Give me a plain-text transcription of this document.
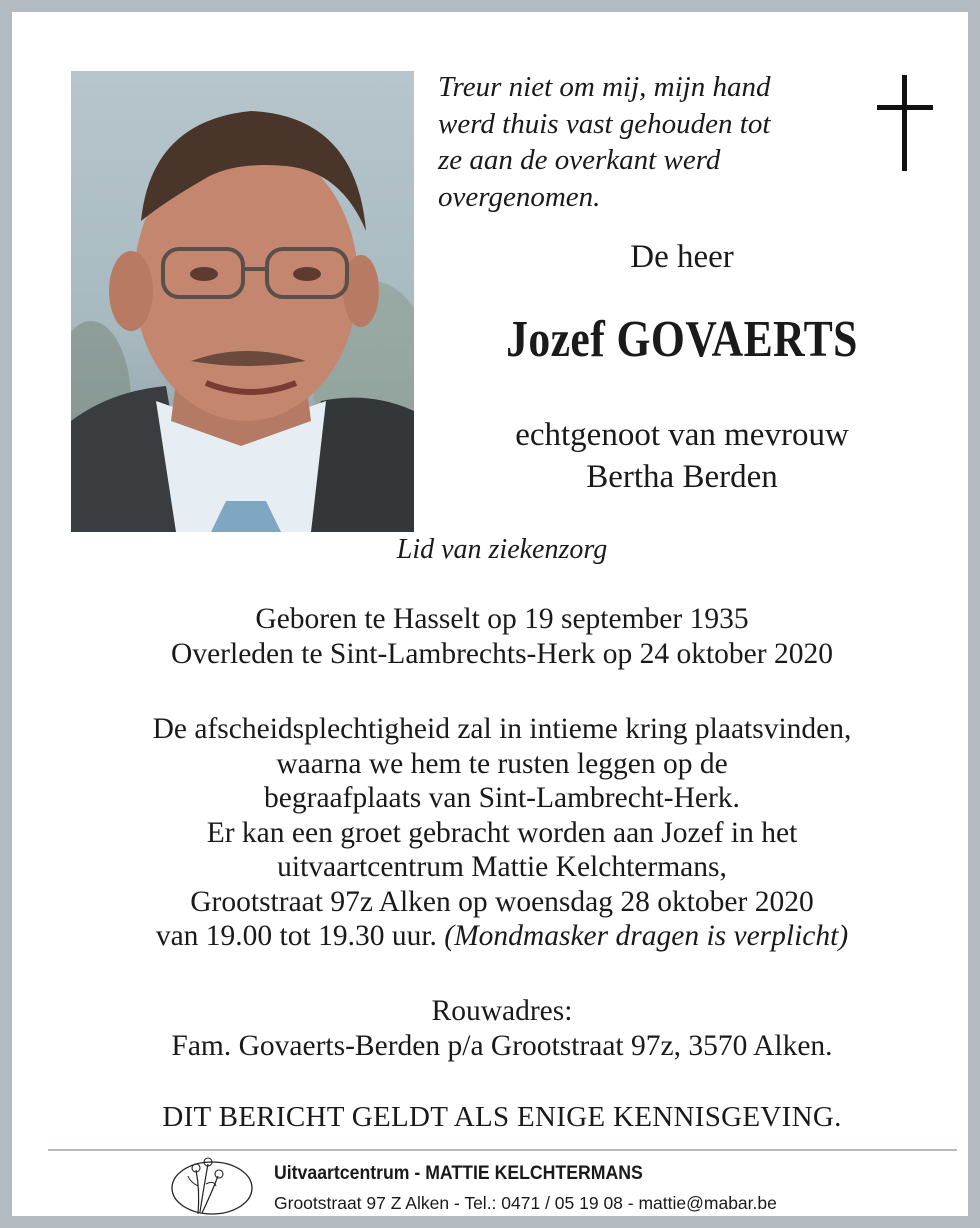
Treur niet om mij, mijn hand
werd thuis vast gehouden tot
ze aan de overkant werd
overgenomen.
De heer
Jozef GOVAERTS
echtgenoot van mevrouw
Bertha Berden
Lid van ziekenzorg
Geboren te Hasselt op 19 september 1935
Overleden te Sint-Lambrechts-Herk op 24 oktober 2020
De afscheidsplechtigheid zal in intieme kring plaatsvinden,
waarna we hem te rusten leggen op de
begraafplaats van Sint-Lambrecht-Herk.
Er kan een groet gebracht worden aan Jozef in het
uitvaartcentrum Mattie Kelchtermans,
Grootstraat 97z Alken op woensdag 28 oktober 2020
van 19.00 tot 19.30 uur. (Mondmasker dragen is verplicht)
Rouwadres:
Fam. Govaerts-Berden p/a Grootstraat 97z, 3570 Alken.
DIT BERICHT GELDT ALS ENIGE KENNISGEVING.
Uitvaartcentrum - MATTIE KELCHTERMANS
Grootstraat 97 Z Alken - Tel.: 0471 / 05 19 08 - mattie@mabar.be
